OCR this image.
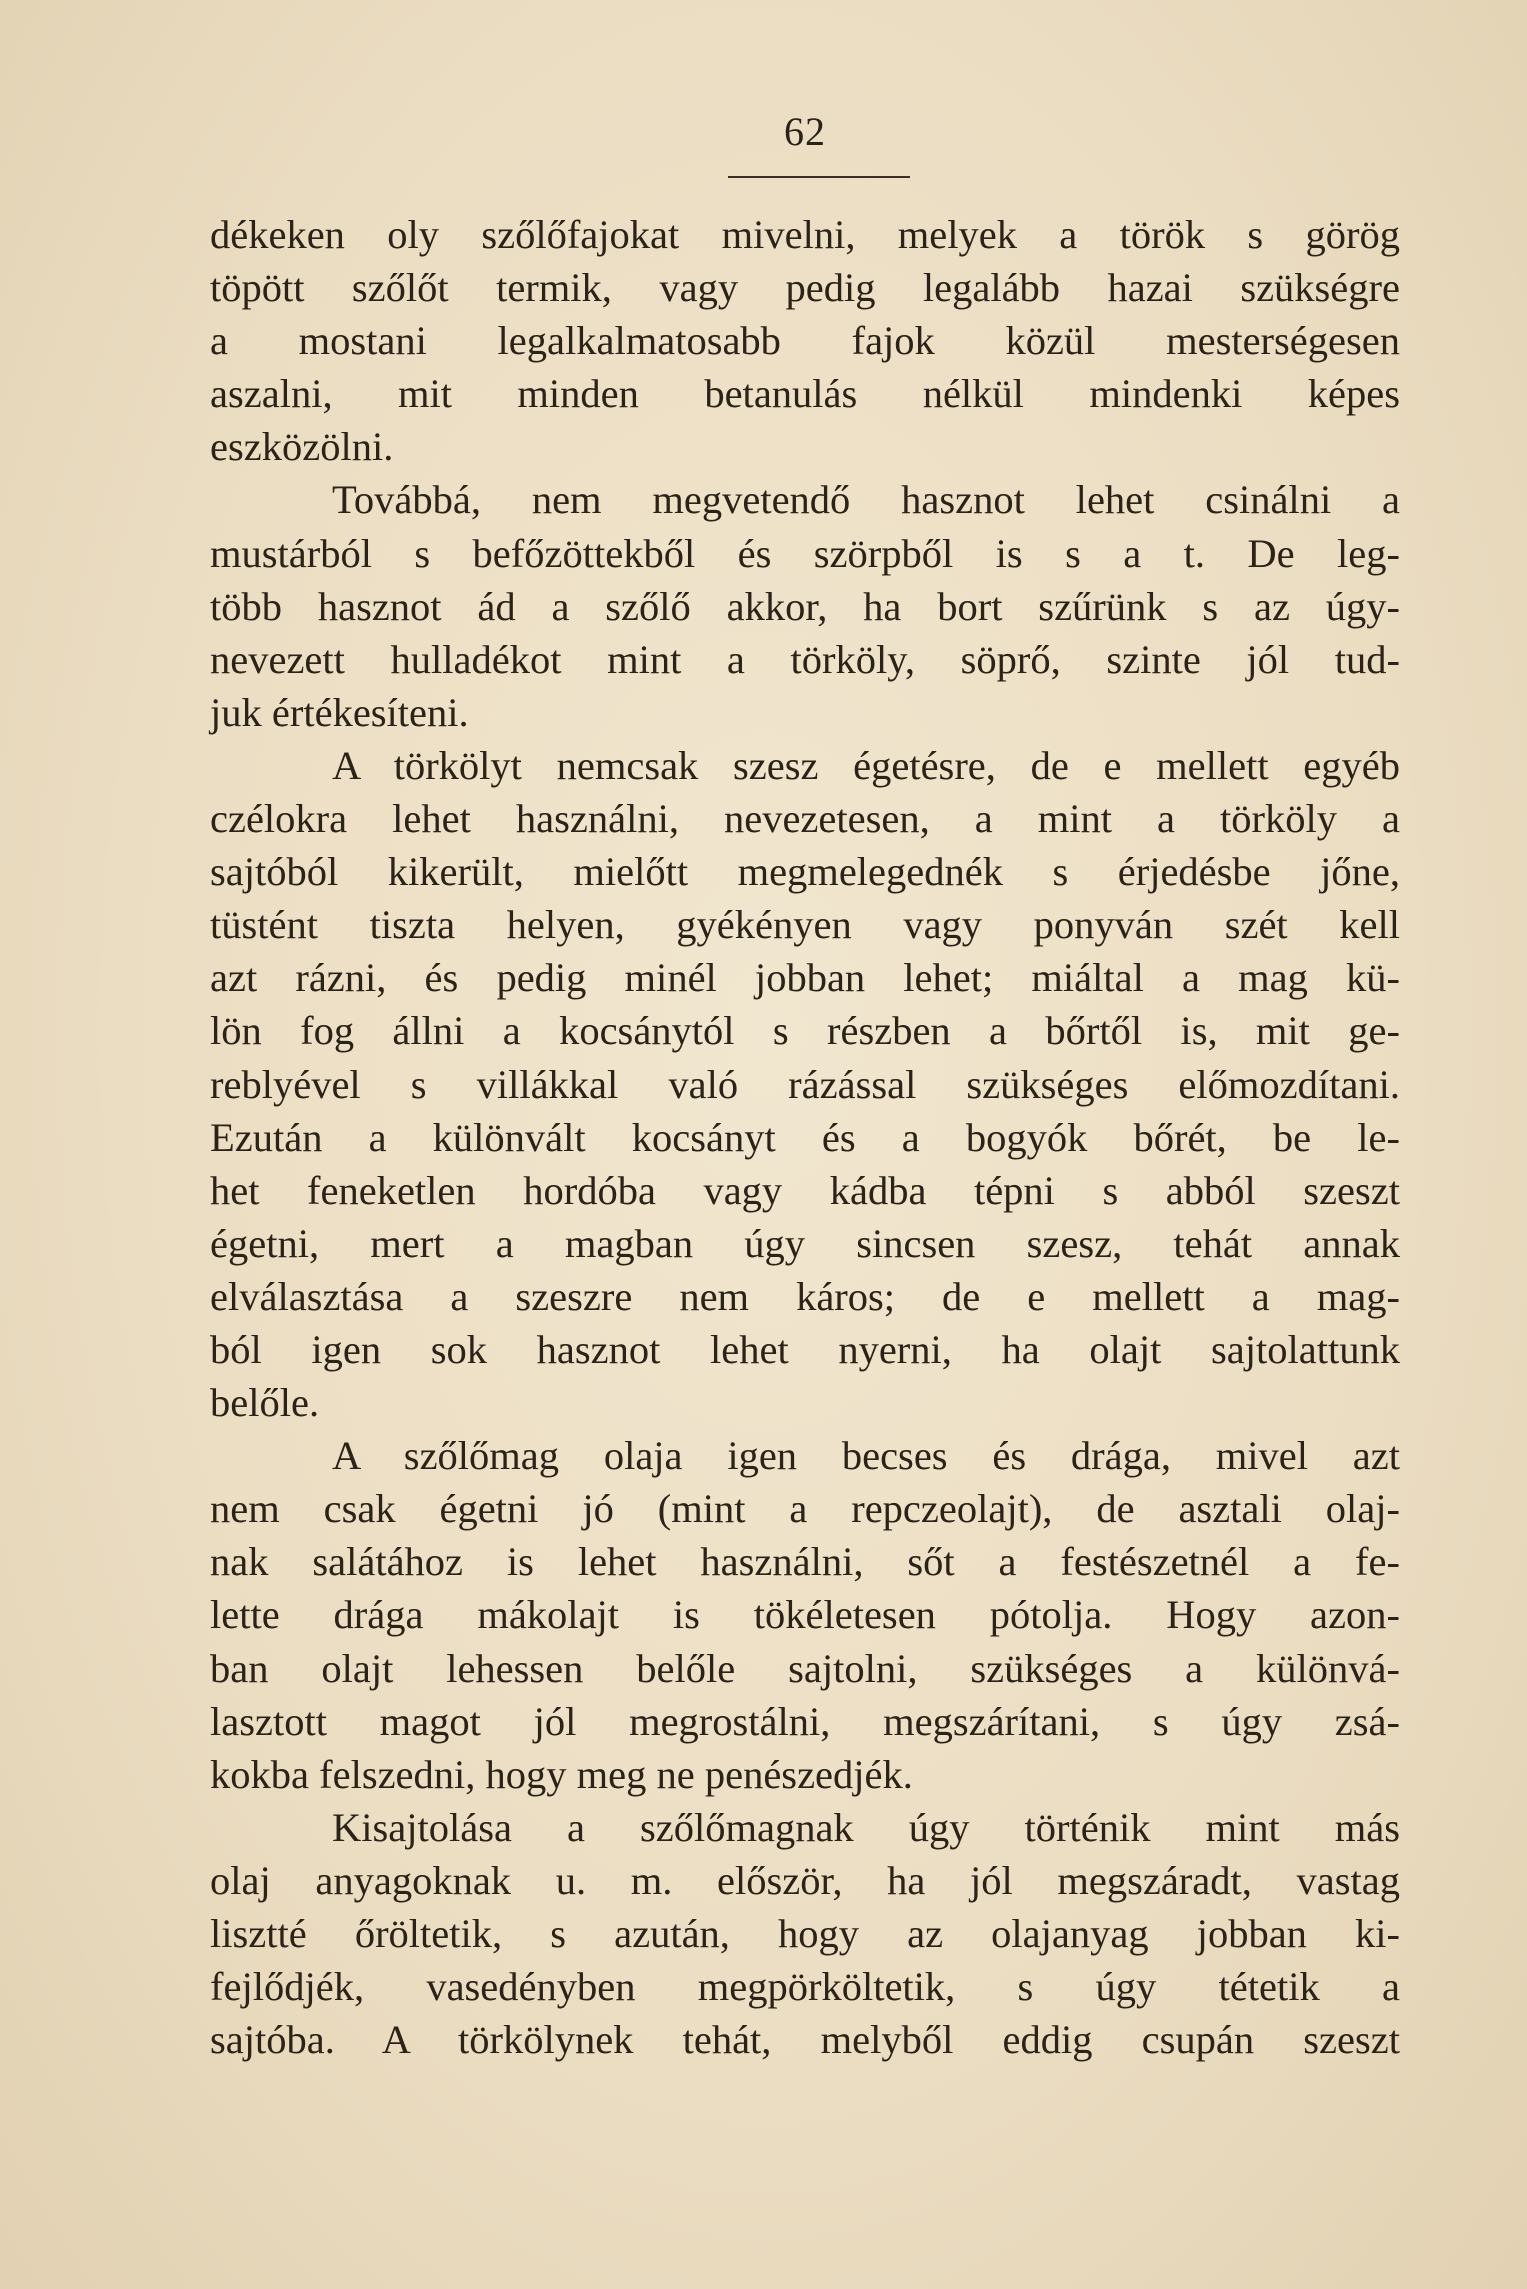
62
dékeken oly szőlőfajokat mivelni, melyek a török s görög
töpött szőlőt termik, vagy pedig legalább hazai szükségre
a mostani legalkalmatosabb fajok közül mesterségesen
aszalni, mit minden betanulás nélkül mindenki képes
eszközölni.
Továbbá, nem megvetendő hasznot lehet csinálni a
mustárból s befőzöttekből és szörpből is s a t. De leg-
több hasznot ád a szőlő akkor, ha bort szűrünk s az úgy-
nevezett hulladékot mint a törköly, söprő, szinte jól tud-
juk értékesíteni.
A törkölyt nemcsak szesz égetésre, de e mellett egyéb
czélokra lehet használni, nevezetesen, a mint a törköly a
sajtóból kikerült, mielőtt megmelegednék s érjedésbe jőne,
tüstént tiszta helyen, gyékényen vagy ponyván szét kell
azt rázni, és pedig minél jobban lehet; miáltal a mag kü-
lön fog állni a kocsánytól s részben a bőrtől is, mit ge-
reblyével s villákkal való rázással szükséges előmozdítani.
Ezután a különvált kocsányt és a bogyók bőrét, be le-
het feneketlen hordóba vagy kádba tépni s abból szeszt
égetni, mert a magban úgy sincsen szesz, tehát annak
elválasztása a szeszre nem káros; de e mellett a mag-
ból igen sok hasznot lehet nyerni, ha olajt sajtolattunk
belőle.
A szőlőmag olaja igen becses és drága, mivel azt
nem csak égetni jó (mint a repczeolajt), de asztali olaj-
nak salátához is lehet használni, sőt a festészetnél a fe-
lette drága mákolajt is tökéletesen pótolja. Hogy azon-
ban olajt lehessen belőle sajtolni, szükséges a különvá-
lasztott magot jól megrostálni, megszárítani, s úgy zsá-
kokba felszedni, hogy meg ne penészedjék.
Kisajtolása a szőlőmagnak úgy történik mint más
olaj anyagoknak u. m. először, ha jól megszáradt, vastag
lisztté őröltetik, s azután, hogy az olajanyag jobban ki-
fejlődjék, vasedényben megpörköltetik, s úgy tétetik a
sajtóba. A törkölynek tehát, melyből eddig csupán szeszt
